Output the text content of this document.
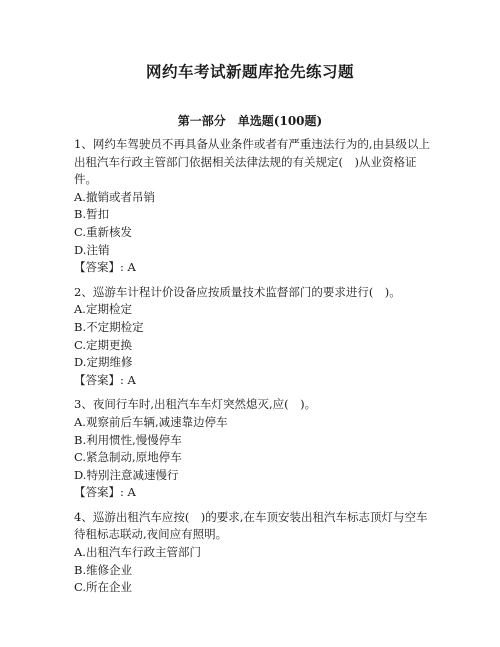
网约车考试新题库抢先练习题
第一部分　单选题(100题)

1、网约车驾驶员不再具备从业条件或者有严重违法行为的,由县级以上出租汽车行政主管部门依据相关法律法规的有关规定(　)从业资格证件。

A.撤销或者吊销

B.暂扣

C.重新核发

D.注销

【答案】: A

2、巡游车计程计价设备应按质量技术监督部门的要求进行(　)。

A.定期检定

B.不定期检定

C.定期更换

D.定期维修

【答案】: A

3、夜间行车时,出租汽车车灯突然熄灭,应(　)。

A.观察前后车辆,减速靠边停车

B.利用惯性,慢慢停车

C.紧急制动,原地停车

D.特别注意减速慢行

【答案】: A

4、巡游出租汽车应按(　)的要求,在车顶安装出租汽车标志顶灯与空车待租标志联动,夜间应有照明。

A.出租汽车行政主管部门

B.维修企业

C.所在企业
